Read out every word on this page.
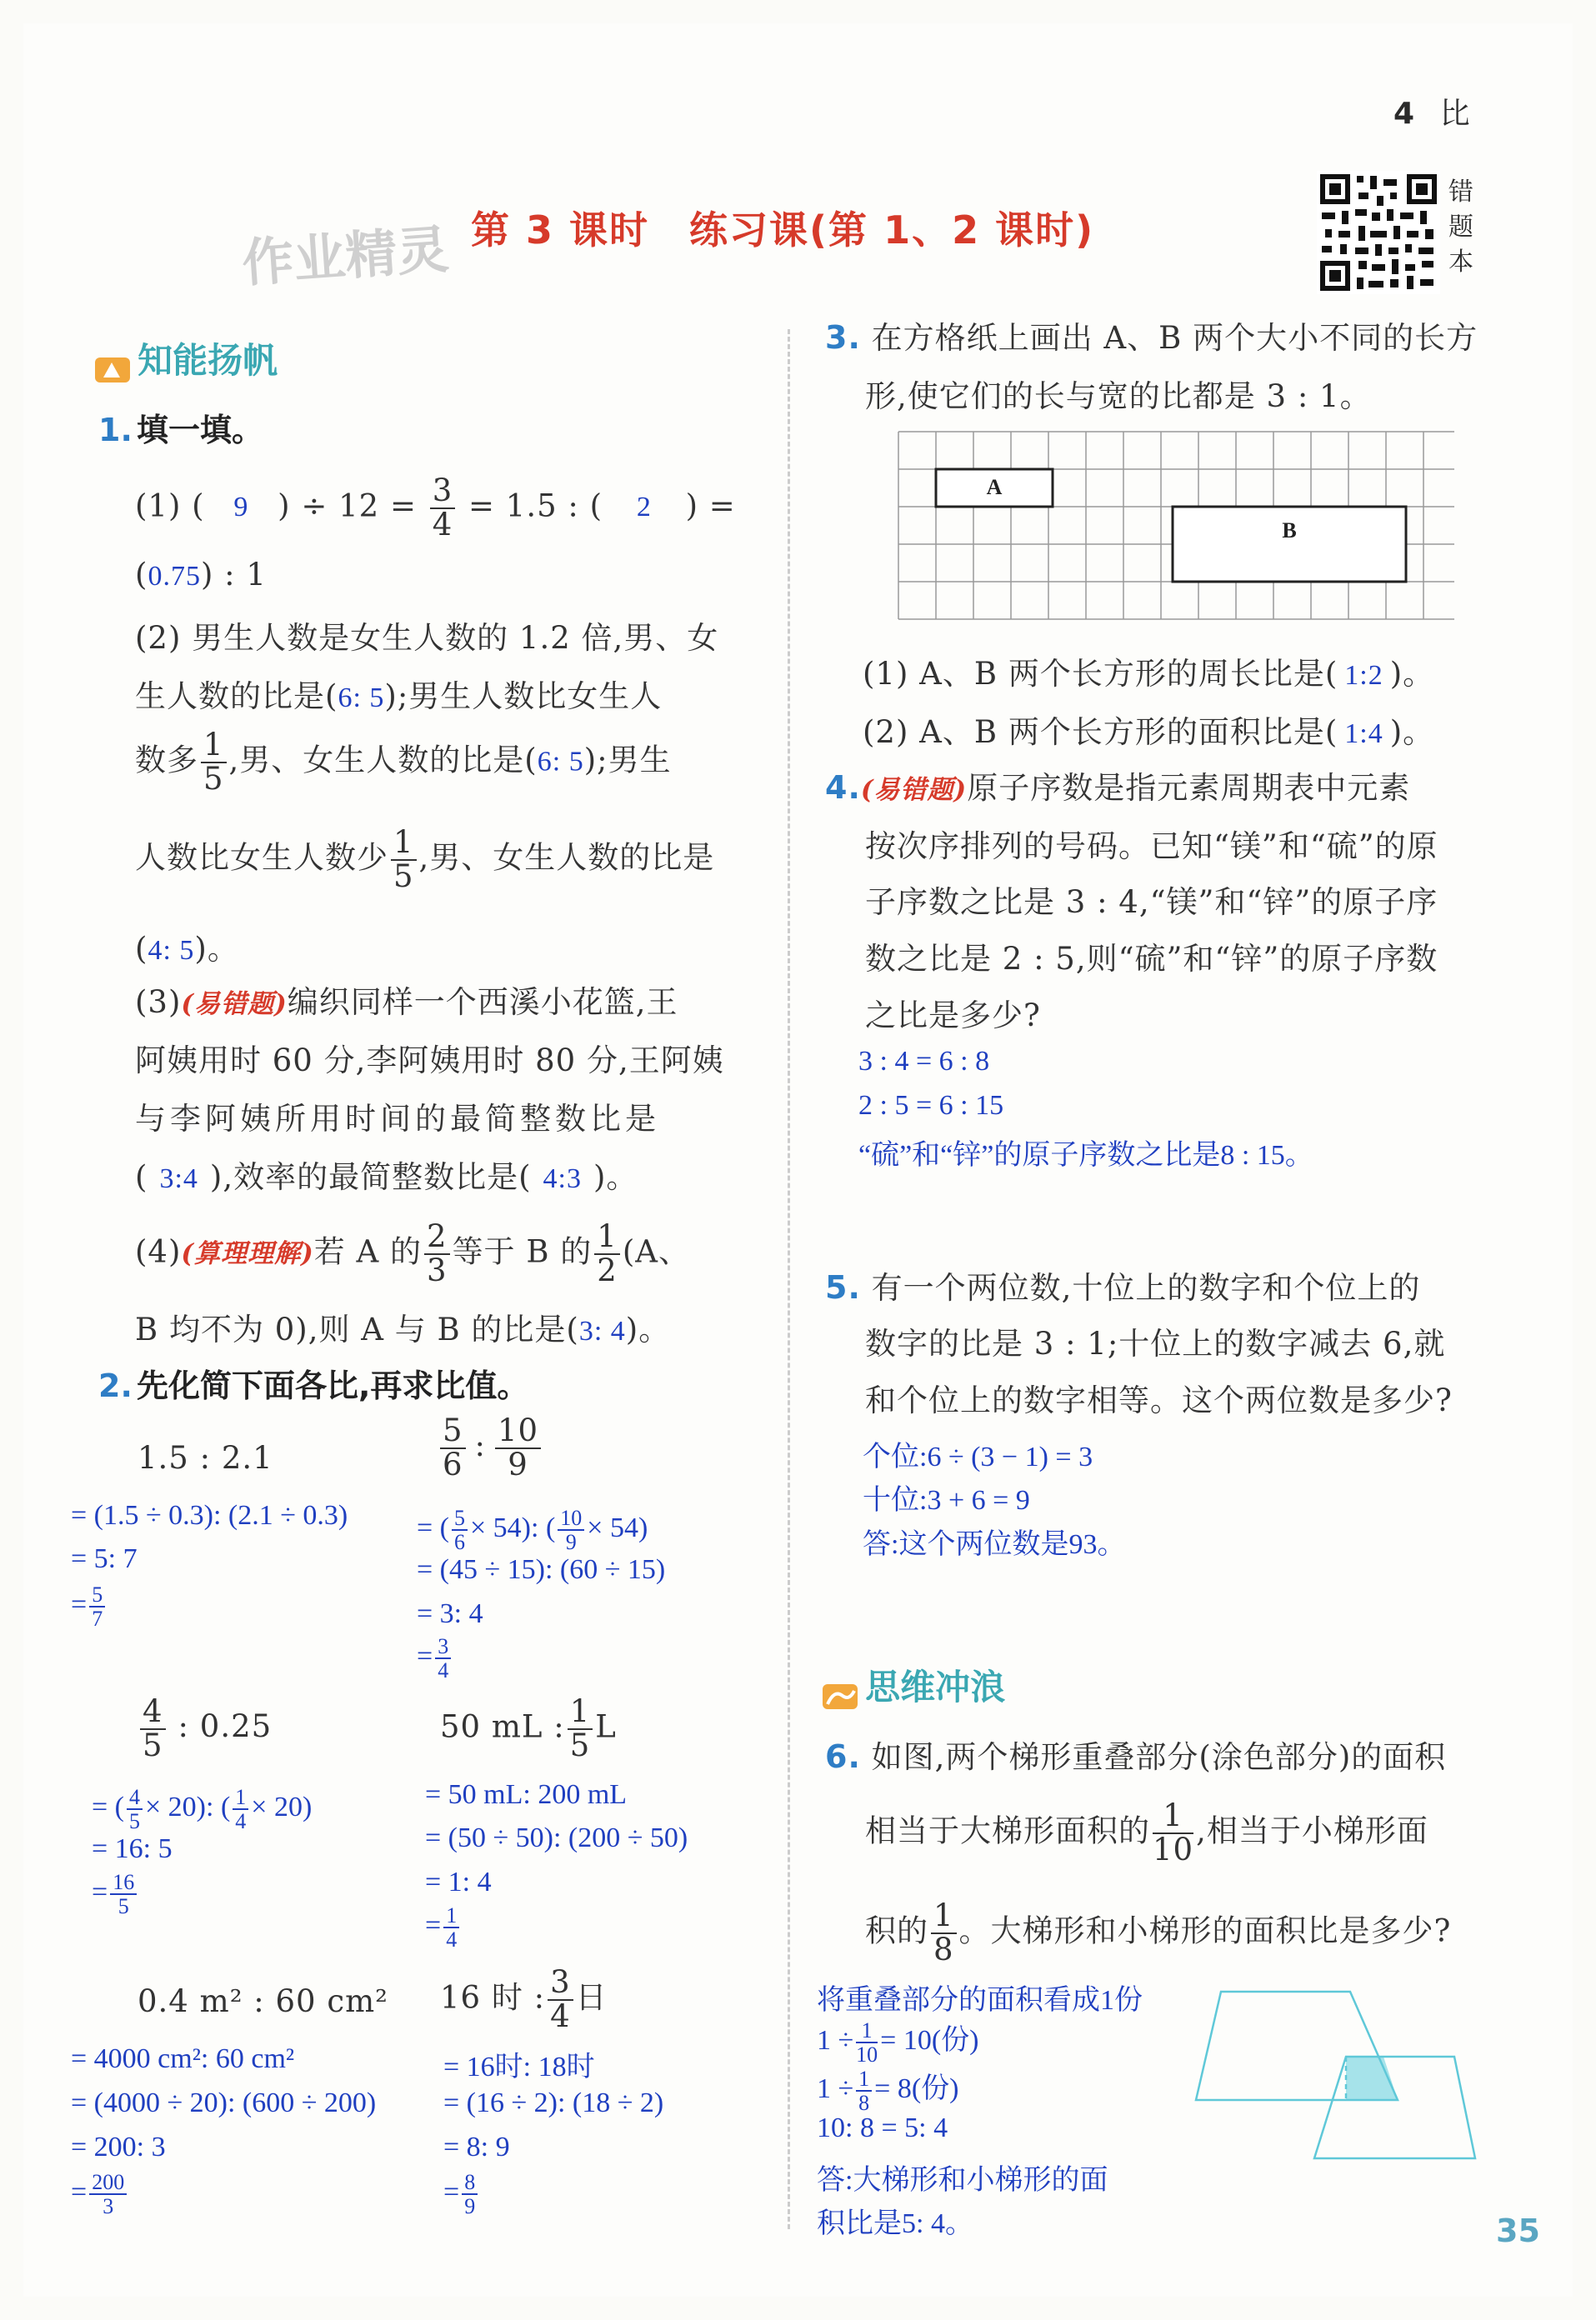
4 比
作业精灵 第 3 课时　练习课(第 1、2 课时)
错
题
本
知能扬帆
1. 填一填。
(1) ( 9 ) ÷ $12 = \frac{3}{4} = 1.5$ : ( 2 ) =
(0.75) : 1
(2) 男生人数是女生人数的 1.2 倍,男、女
生人数的比是(6: 5);男生人数比女生人
数多 $\frac{1}{5}$ ,男、女生人数的比是(6: 5);男生
人数比女生人数少 $\frac{1}{5}$ ,男、女生人数的比是
(4: 5)。
(3)(易错题)编织同样一个西溪小花篮,王
阿姨用时 60 分,李阿姨用时 80 分,王阿姨
与李阿姨所用时间的最简整数比是
( 3:4 ),效率的最简整数比是( 4:3 )。
(4)(算理理解)若 A 的 $\frac{2}{3}$ 等于 B 的 $\frac{1}{2} (A$、
B 均不为 0),则 A 与 B 的比是(3: 4)。
2. 先化简下面各比,再求比值。
1.5 : 2.1
= (1.5 ÷ 0.3): (2.1 ÷ 0.3)
= 5: 7
= $\frac{5}{7}$
$\frac{5}{6}$ : $\frac{10}{9}$
= ( $\frac{5}{6} \times 54$): ( $\frac{10}{9} \times 54$)
= (45 ÷ 15): (60 ÷ 15)
= 3: 4
= $\frac{3}{4}$
$\frac{4}{5}$ : 0.25
= ( $\frac{4}{5} \times 20$): ( $\frac{1}{4} \times 20$)
= 16: 5
= $\frac{16}{5}$
50 mL : $\frac{1}{5}$ L
= 50 mL: 200 mL
= (50 ÷ 50): (200 ÷ 50)
= 1: 4
= $\frac{1}{4}$
0.4 m² : 60 cm²
= 4000 cm²: 60 cm²
= (4000 ÷ 20): (600 ÷ 200)
= 200: 3
= $\frac{200}{3}$
16 时 : $\frac{3}{4}$ 日
= 16时: 18时
= (16 ÷ 2): (18 ÷ 2)
= 8: 9
= $\frac{8}{9}$
3. 在方格纸上画出 A、B 两个大小不同的长方
形,使它们的长与宽的比都是 3 : 1。
A
B
(1) A、B 两个长方形的周长比是( 1:2 )。
(2) A、B 两个长方形的面积比是( 1:4 )。
4.(易错题)原子序数是指元素周期表中元素
按次序排列的号码。已知“镁”和“硫”的原
子序数之比是 3 : 4,“镁”和“锌”的原子序
数之比是 2 : 5,则“硫”和“锌”的原子序数
之比是多少?
3 : 4 = 6 : 8
2 : 5 = 6 : 15
“硫”和“锌”的原子序数之比是8 : 15。
5. 有一个两位数,十位上的数字和个位上的
数字的比是 3 : 1;十位上的数字减去 6,就
和个位上的数字相等。这个两位数是多少?
个位:6 ÷ (3 − 1) = 3
十位:3 + 6 = 9
答:这个两位数是93。
思维冲浪
6. 如图,两个梯形重叠部分(涂色部分)的面积
相当于大梯形面积的 $\frac{1}{10}$ ,相当于小梯形面
积的 $\frac{1}{8}$ 。大梯形和小梯形的面积比是多少?
将重叠部分的面积看成1份
$1 \div \frac{1}{10} = 10$(份)
$1 \div \frac{1}{8} = 8$(份)
10: 8 = 5: 4
答:大梯形和小梯形的面
积比是5: 4。	35
